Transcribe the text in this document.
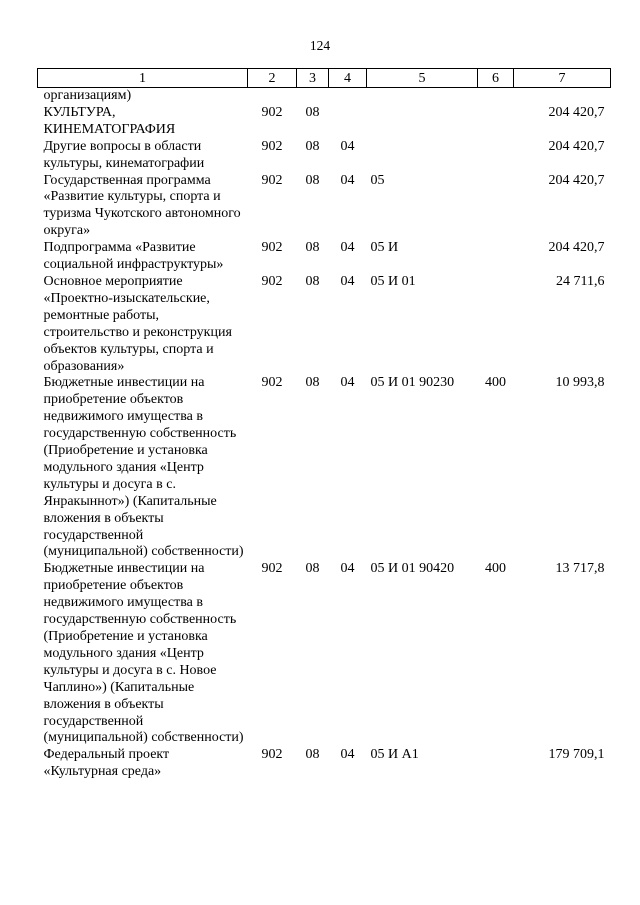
124
1	2	3	4	5	6	7
организациям)						
КУЛЬТУРА, КИНЕМАТОГРАФИЯ	902	08				204 420,7
Другие вопросы в области культуры, кинематографии	902	08	04			204 420,7
Государственная программа «Развитие культуры, спорта и туризма Чукотского автономного округа»	902	08	04	05		204 420,7
Подпрограмма «Развитие социальной инфраструктуры»	902	08	04	05 И		204 420,7
Основное мероприятие «Проектно-изыскательские, ремонтные работы, строительство и реконструкция объектов культуры, спорта и образования»	902	08	04	05 И 01		24 711,6
Бюджетные инвестиции на приобретение объектов недвижимого имущества в государственную собственность (Приобретение и установка модульного здания «Центр культуры и досуга в с. Янракыннот») (Капитальные вложения в объекты государственной (муниципальной) собственности)	902	08	04	05 И 01 90230	400	10 993,8
Бюджетные инвестиции на приобретение объектов недвижимого имущества в государственную собственность (Приобретение и установка модульного здания «Центр культуры и досуга в с. Новое Чаплино») (Капитальные вложения в объекты государственной (муниципальной) собственности)	902	08	04	05 И 01 90420	400	13 717,8
Федеральный проект «Культурная среда»	902	08	04	05 И А1		179 709,1
